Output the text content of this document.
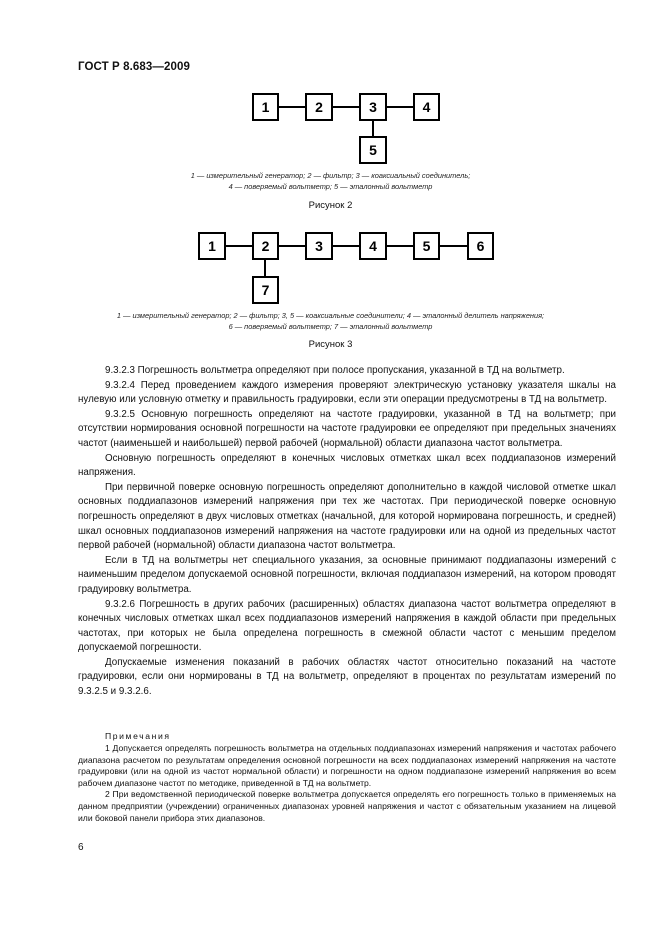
ГОСТ Р 8.683—2009
1	2	3	4
5
1	2	3	4	5	6
7
1 — измерительный генератор; 2 — фильтр; 3 — коаксиальный соединитель;
4 — поверяемый вольтметр; 5 — эталонный вольтметр
Рисунок 2
1 — измерительный генератор; 2 — фильтр; 3, 5 — коаксиальные соединители; 4 — эталонный делитель напряжения;
6 — поверяемый вольтметр; 7 — эталонный вольтметр
Рисунок 3

9.3.2.3 Погрешность вольтметра определяют при полосе пропускания, указанной в ТД на вольтметр.

9.3.2.4 Перед проведением каждого измерения проверяют электрическую установку указателя шкалы на нулевую или условную отметку и правильность градуировки, если эти операции предусмотрены в ТД на вольтметр.

9.3.2.5 Основную погрешность определяют на частоте градуировки, указанной в ТД на вольтметр; при отсутствии нормирования основной погрешности на частоте градуировки ее определяют при предельных значениях частот (наименьшей и наибольшей) первой рабочей (нормальной) области диапазона частот вольтметра.

Основную погрешность определяют в конечных числовых отметках шкал всех поддиапазонов измерений напряжения.

При первичной поверке основную погрешность определяют дополнительно в каждой числовой отметке шкал основных поддиапазонов измерений напряжения при тех же частотах. При периодической поверке основную погрешность определяют в двух числовых отметках (начальной, для которой нормирована погрешность, и средней) шкал основных поддиапазонов измерений напряжения на частоте градуировки или на одной из предельных частот первой рабочей (нормальной) области диапазона частот вольтметра.

Если в ТД на вольтметры нет специального указания, за основные принимают поддиапазоны измерений с наименьшим пределом допускаемой основной погрешности, включая поддиапазон измерений, на котором проводят градуировку вольтметра.

9.3.2.6 Погрешность в других рабочих (расширенных) областях диапазона частот вольтметра определяют в конечных числовых отметках шкал всех поддиапазонов измерений напряжения в каждой области при предельных частотах, при которых не была определена погрешность в смежной области частот с меньшим пределом допускаемой погрешности.

Допускаемые изменения показаний в рабочих областях частот относительно показаний на частоте градуировки, если они нормированы в ТД на вольтметр, определяют в процентах по результатам измерений по 9.3.2.5 и 9.3.2.6.

Примечания

1 Допускается определять погрешность вольтметра на отдельных поддиапазонах измерений напряжения и частотах рабочего диапазона расчетом по результатам определения основной погрешности на всех поддиапазонах измерений напряжения на частоте градуировки (или на одной из частот нормальной области) и погрешности на одном поддиапазоне измерений напряжения во всем рабочем диапазоне частот по методике, приведенной в ТД на вольтметр.

2 При ведомственной периодической поверке вольтметра допускается определять его погрешность только в применяемых на данном предприятии (учреждении) ограниченных диапазонах уровней напряжения и частот с обязательным указанием на лицевой или боковой панели прибора этих диапазонов.

6
